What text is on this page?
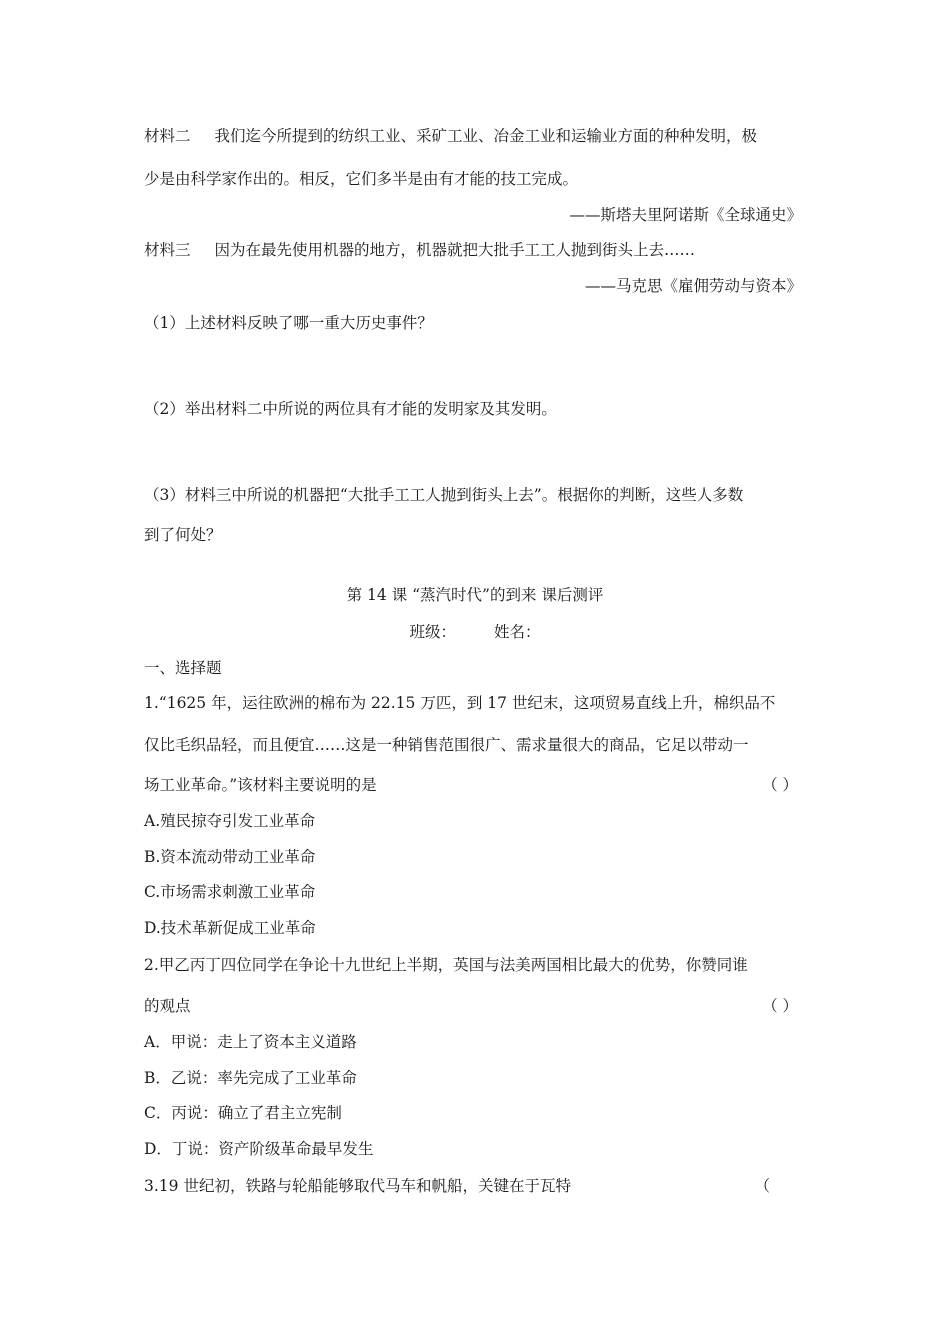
材料二 我们迄今所提到的纺织工业、采矿工业、冶金工业和运输业方面的种种发明，极
少是由科学家作出的。相反，它们多半是由有才能的技工完成。
——斯塔夫里阿诺斯《全球通史》
材料三 因为在最先使用机器的地方，机器就把大批手工工人抛到街头上去……
——马克思《雇佣劳动与资本》
（1）上述材料反映了哪一重大历史事件？
（2）举出材料二中所说的两位具有才能的发明家及其发明。
（3）材料三中所说的机器把“大批手工工人抛到街头上去”。根据你的判断，这些人多数
到了何处？
第 14 课 “蒸汽时代”的到来 课后测评
班级： 姓名：
一、选择题
1.“1625 年，运往欧洲的棉布为 22.15 万匹，到 17 世纪末，这项贸易直线上升，棉织品不
仅比毛织品轻，而且便宜……这是一种销售范围很广、需求量很大的商品，它足以带动一
场工业革命。”该材料主要说明的是	（ ）
A.殖民掠夺引发工业革命
B.资本流动带动工业革命
C.市场需求刺激工业革命
D.技术革新促成工业革命
2.甲乙丙丁四位同学在争论十九世纪上半期，英国与法美两国相比最大的优势，你赞同谁
的观点	（ ）
A．甲说：走上了资本主义道路
B．乙说：率先完成了工业革命
C．丙说：确立了君主立宪制
D．丁说：资产阶级革命最早发生
3.19 世纪初，铁路与轮船能够取代马车和帆船，关键在于瓦特	（
